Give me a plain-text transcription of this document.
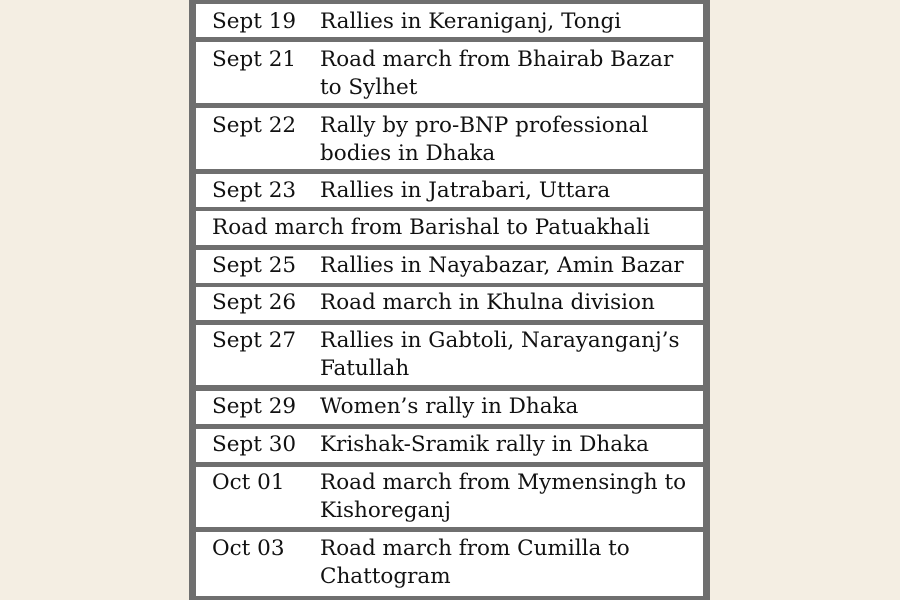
Sept 19 Rallies in Keraniganj, Tongi
Sept 21 Road march from Bhairab Bazar to Sylhet
Sept 22 Rally by pro-BNP professional bodies in Dhaka
Sept 23 Rallies in Jatrabari, Uttara
Road march from Barishal to Patuakhali
Sept 25 Rallies in Nayabazar, Amin Bazar
Sept 26 Road march in Khulna division
Sept 27 Rallies in Gabtoli, Narayanganj’s Fatullah
Sept 29 Women’s rally in Dhaka
Sept 30 Krishak-Sramik rally in Dhaka
Oct 01 Road march from Mymensingh to Kishoreganj
Oct 03 Road march from Cumilla to Chattogram
